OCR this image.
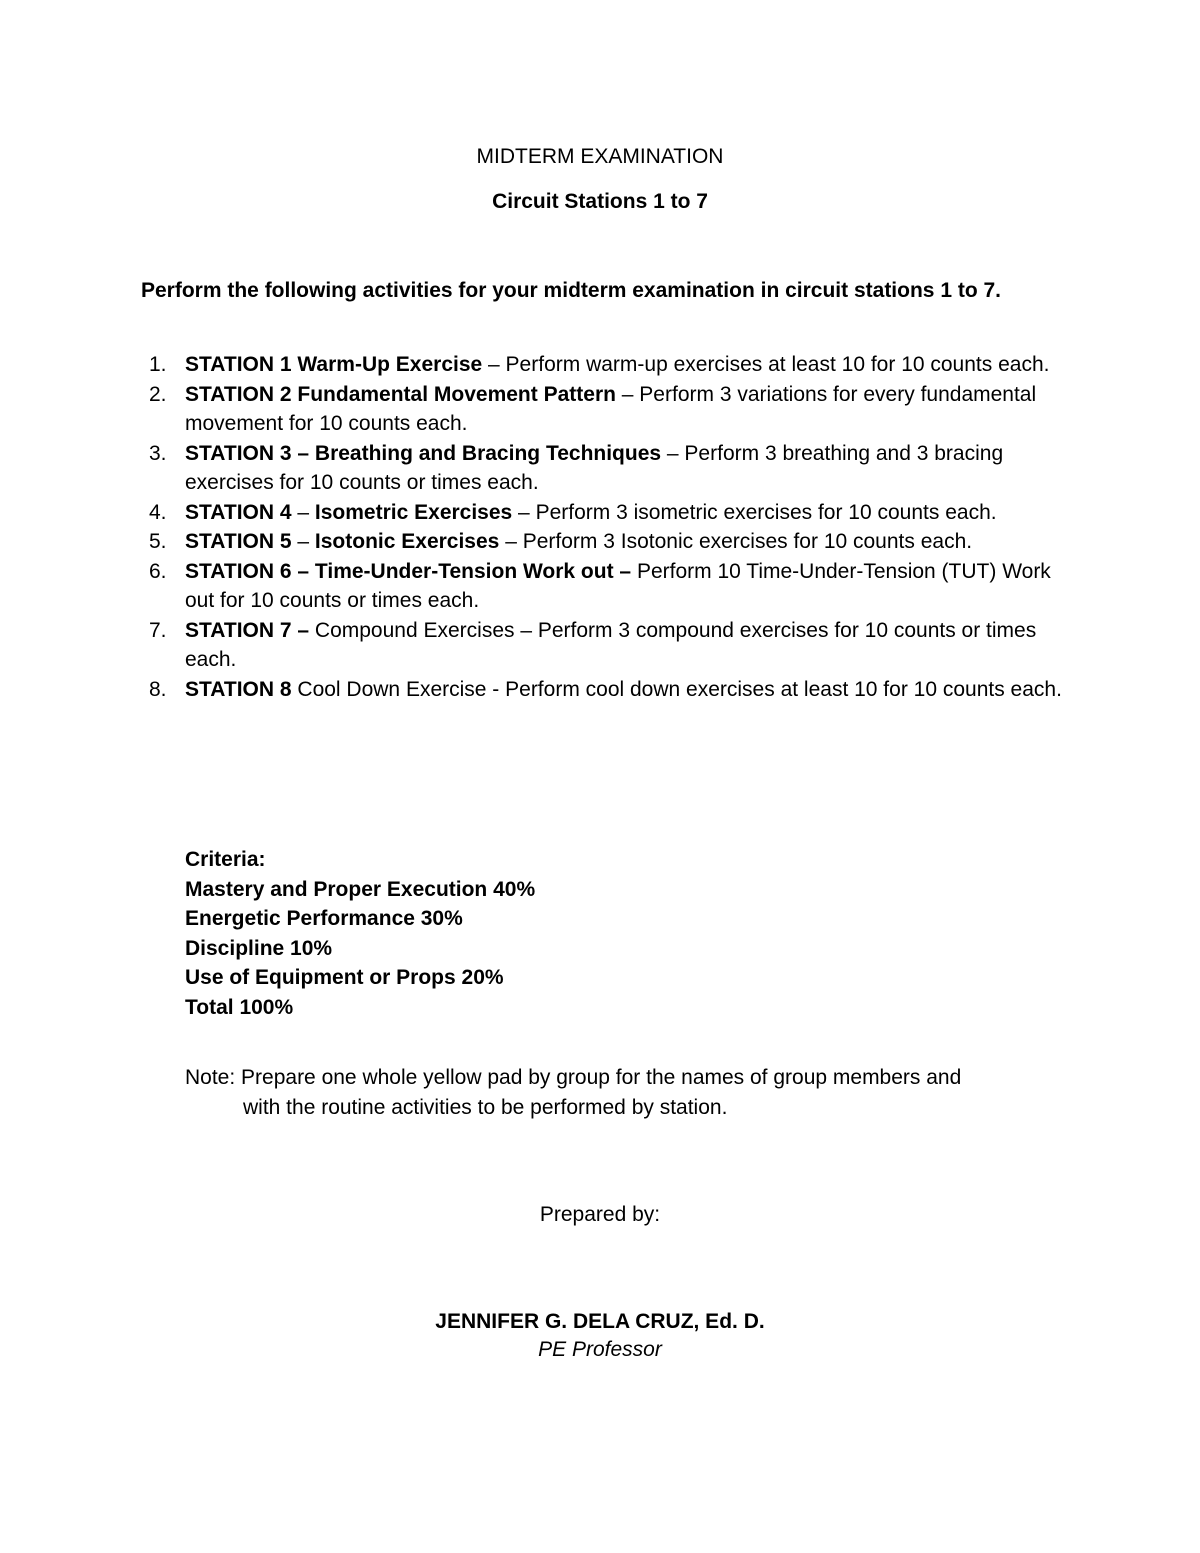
MIDTERM EXAMINATION
Circuit Stations 1 to 7
Perform the following activities for your midterm examination in circuit stations 1 to 7.
1. STATION 1 Warm-Up Exercise – Perform warm-up exercises at least 10 for 10 counts each.
2. STATION 2 Fundamental Movement Pattern – Perform 3 variations for every fundamental movement for 10 counts each.
3. STATION 3 – Breathing and Bracing Techniques – Perform 3 breathing and 3 bracing exercises for 10 counts or times each.
4. STATION 4 – Isometric Exercises – Perform 3 isometric exercises for 10 counts each.
5. STATION 5 – Isotonic Exercises – Perform 3 Isotonic exercises for 10 counts each.
6. STATION 6 – Time-Under-Tension Work out – Perform 10 Time-Under-Tension (TUT) Work out for 10 counts or times each.
7. STATION 7 – Compound Exercises – Perform 3 compound exercises for 10 counts or times each.
8. STATION 8 Cool Down Exercise - Perform cool down exercises at least 10 for 10 counts each.
Criteria:
Mastery and Proper Execution 40%
Energetic Performance 30%
Discipline 10%
Use of Equipment or Props 20%
Total 100%
Note: Prepare one whole yellow pad by group for the names of group members and
with the routine activities to be performed by station.
Prepared by:
JENNIFER G. DELA CRUZ, Ed. D.
PE Professor
